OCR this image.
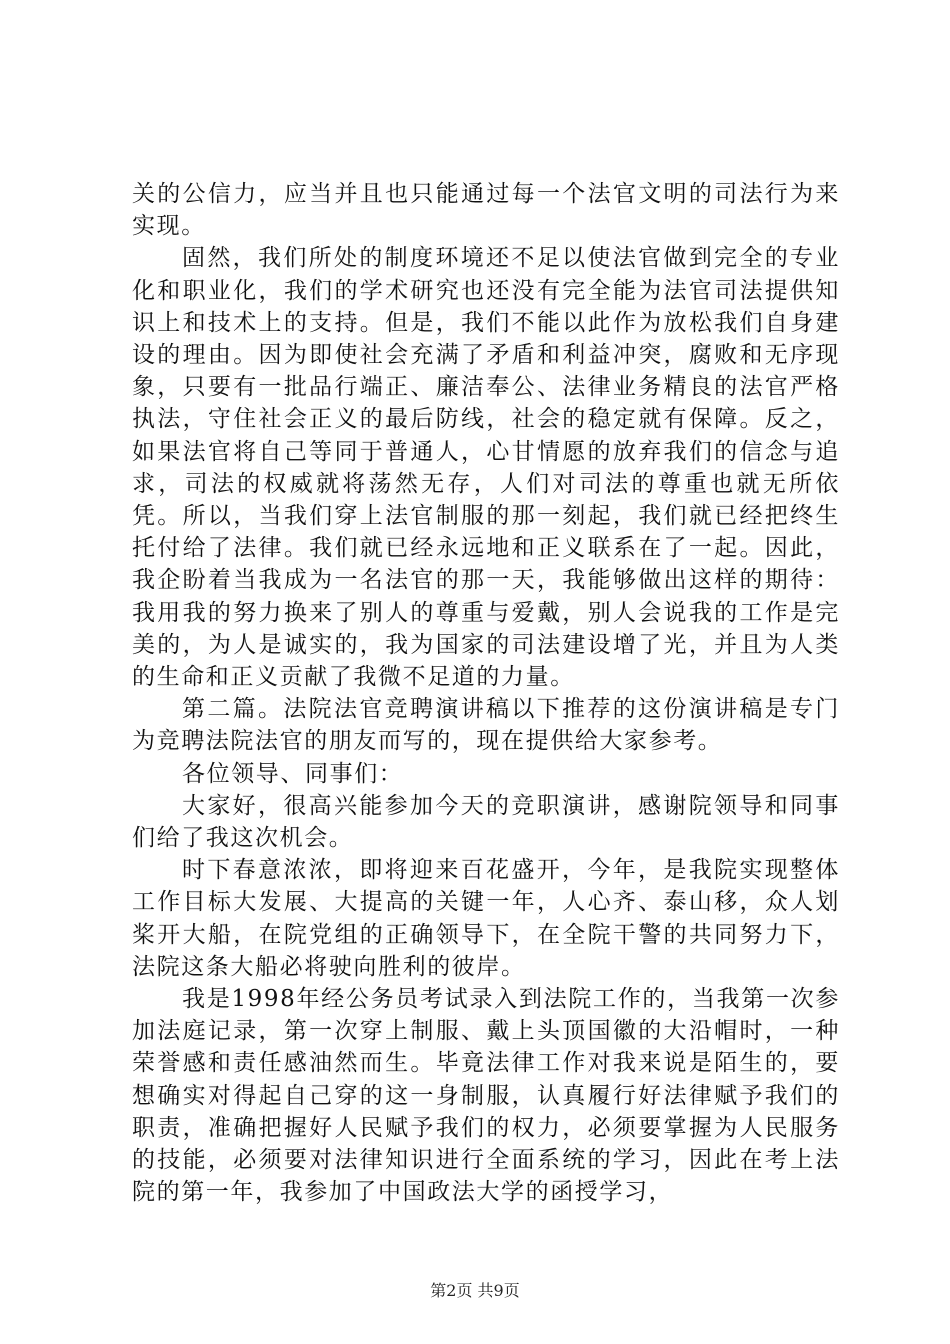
关的公信力，应当并且也只能通过每一个法官文明的司法行为来实现。

固然，我们所处的制度环境还不足以使法官做到完全的专业化和职业化，我们的学术研究也还没有完全能为法官司法提供知识上和技术上的支持。但是，我们不能以此作为放松我们自身建设的理由。因为即使社会充满了矛盾和利益冲突，腐败和无序现象，只要有一批品行端正、廉洁奉公、法律业务精良的法官严格执法，守住社会正义的最后防线，社会的稳定就有保障。反之，如果法官将自己等同于普通人，心甘情愿的放弃我们的信念与追求，司法的权威就将荡然无存，人们对司法的尊重也就无所依凭。所以，当我们穿上法官制服的那一刻起，我们就已经把终生托付给了法律。我们就已经永远地和正义联系在了一起。因此，我企盼着当我成为一名法官的那一天，我能够做出这样的期待：我用我的努力换来了别人的尊重与爱戴，别人会说我的工作是完美的，为人是诚实的，我为国家的司法建设增了光，并且为人类的生命和正义贡献了我微不足道的力量。

第二篇。法院法官竞聘演讲稿以下推荐的这份演讲稿是专门为竞聘法院法官的朋友而写的，现在提供给大家参考。

各位领导、同事们：

大家好，很高兴能参加今天的竞职演讲，感谢院领导和同事们给了我这次机会。

时下春意浓浓，即将迎来百花盛开，今年，是我院实现整体工作目标大发展、大提高的关键一年，人心齐、泰山移，众人划桨开大船，在院党组的正确领导下，在全院干警的共同努力下，法院这条大船必将驶向胜利的彼岸。

我是1998年经公务员考试录入到法院工作的，当我第一次参加法庭记录，第一次穿上制服、戴上头顶国徽的大沿帽时，一种荣誉感和责任感油然而生。毕竟法律工作对我来说是陌生的，要想确实对得起自己穿的这一身制服，认真履行好法律赋予我们的职责，准确把握好人民赋予我们的权力，必须要掌握为人民服务的技能，必须要对法律知识进行全面系统的学习，因此在考上法院的第一年，我参加了中国政法大学的函授学习，

第2页 共9页
